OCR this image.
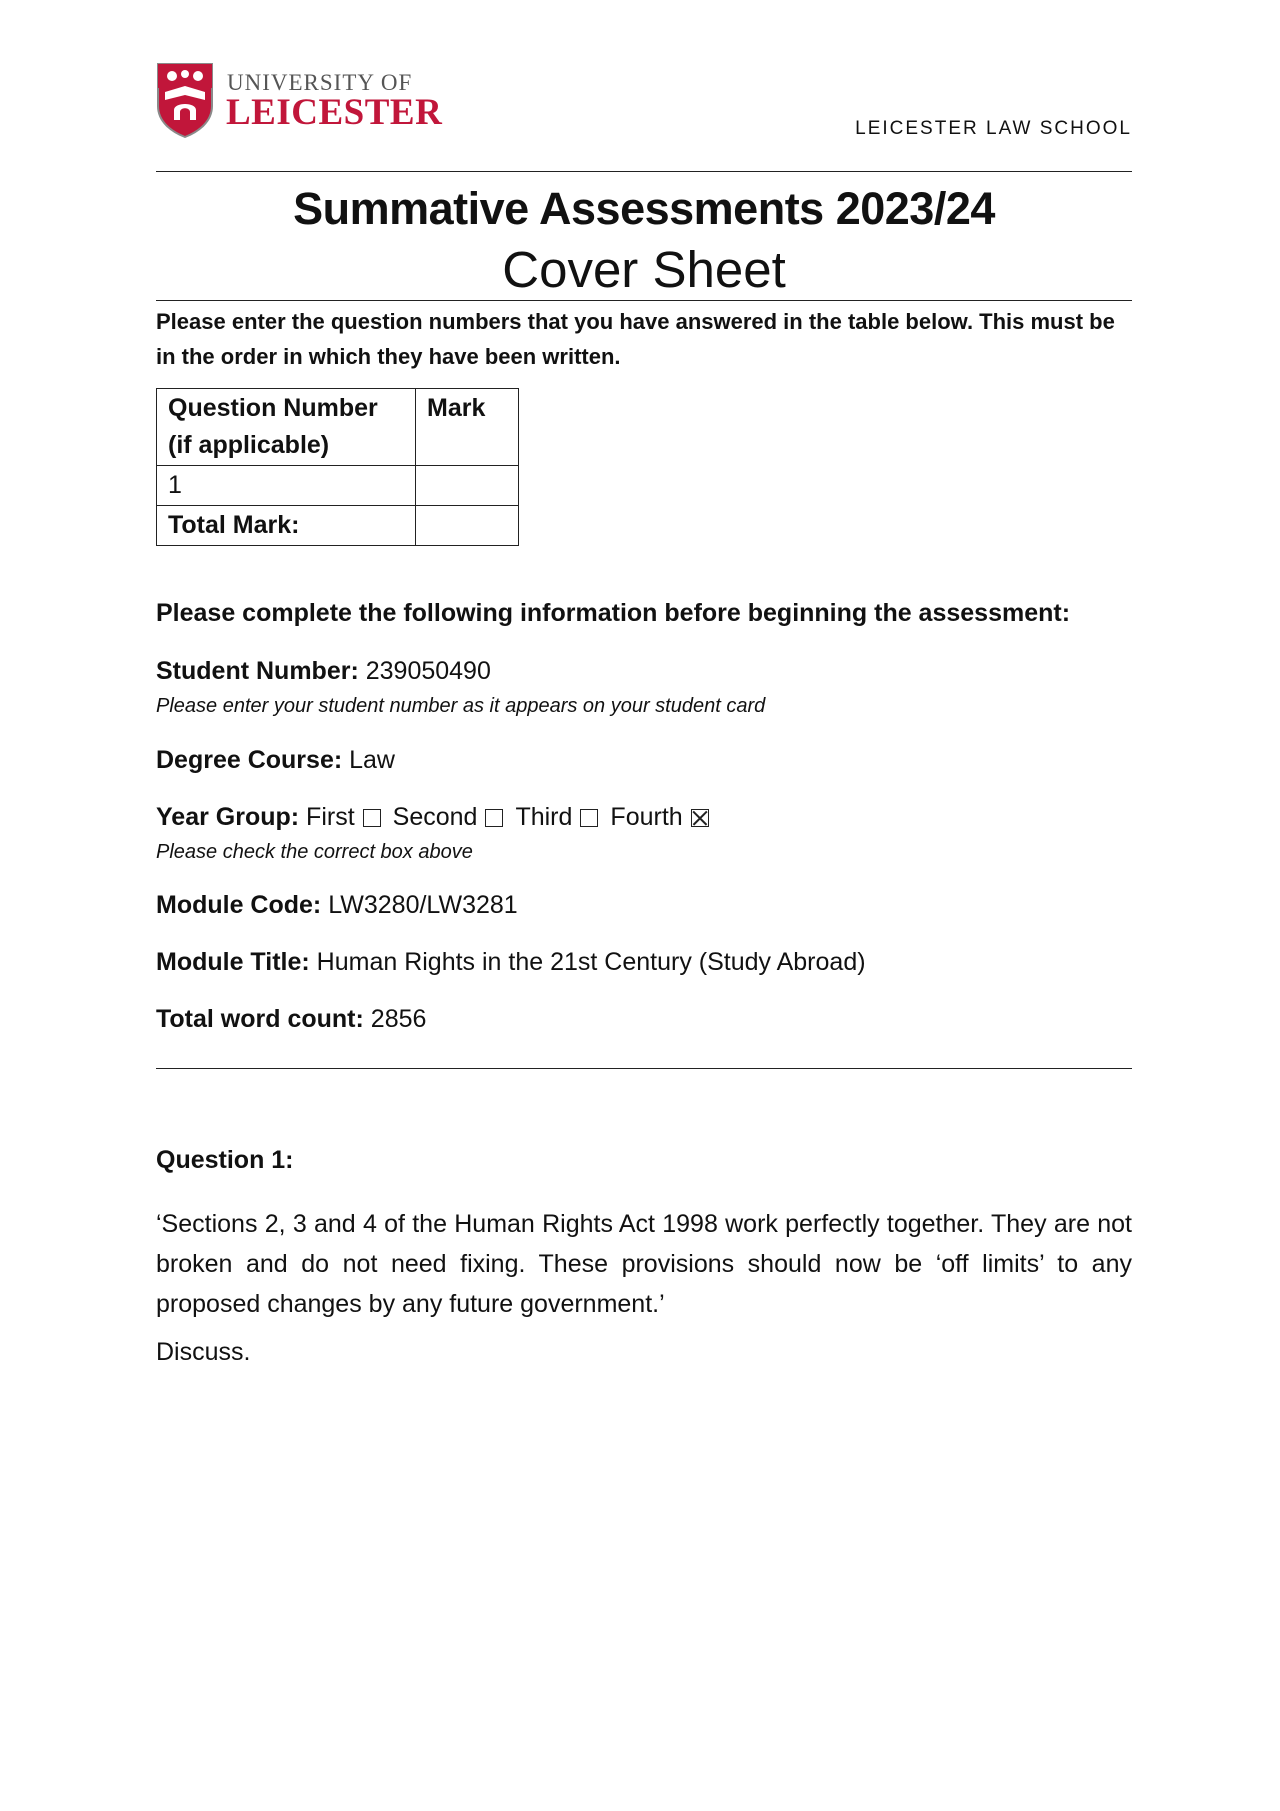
UNIVERSITY OF
LEICESTER	LEICESTER LAW SCHOOL
Summative Assessments 2023/24
Cover Sheet
Please enter the question numbers that you have answered in the table below. This must be in the order in which they have been written.
Question Number (if applicable)	Mark
1	
Total Mark:	
Please complete the following information before beginning the assessment:
Student Number: 239050490
Please enter your student number as it appears on your student card
Degree Course: Law
Year Group: First Second Third Fourth
Please check the correct box above
Module Code: LW3280/LW3281
Module Title: Human Rights in the 21st Century (Study Abroad)
Total word count: 2856
Question 1:
‘Sections 2, 3 and 4 of the Human Rights Act 1998 work perfectly together. They are not broken and do not need fixing. These provisions should now be ‘off limits’ to any proposed changes by any future government.’
Discuss.
